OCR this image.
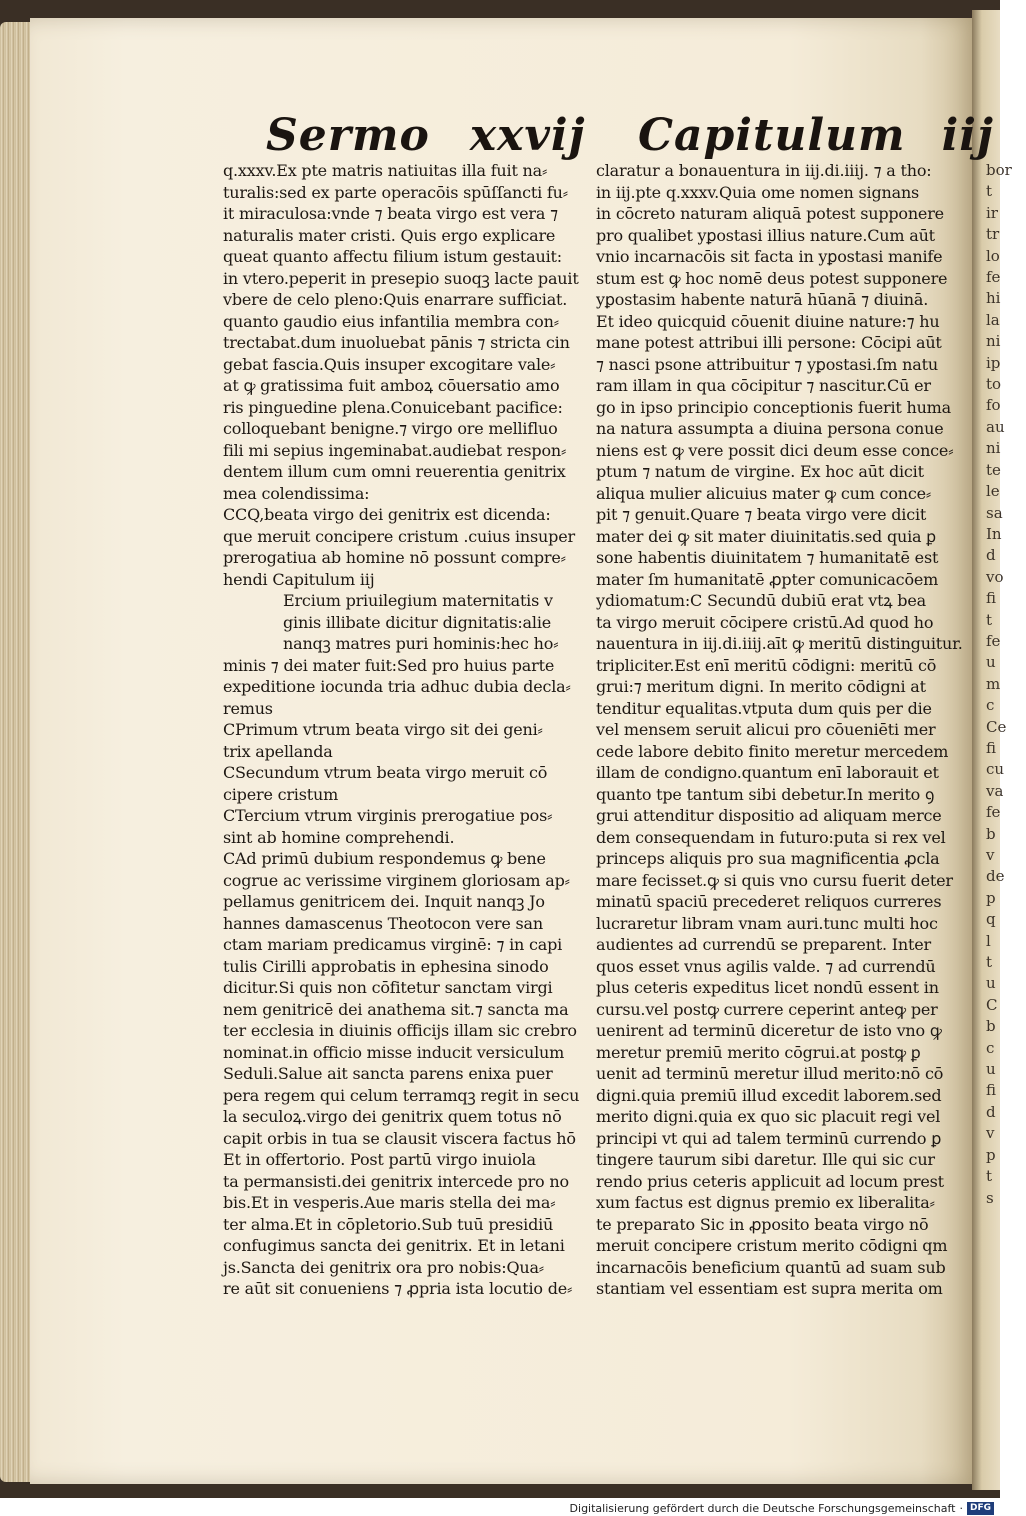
bor
t
ir
tr
lo
fe
hi
la
ni
ip
to
fo
au
ni
te
le
sa
In
d
vo
fi
t
fe
u
m
c
Ce
fi
cu
va
fe
b
v
de
p
q
l
t
u
C
b
c
u
fi
d
v
p
t
s
Sermo xxvij Capitulum iij
q.xxxv.Ex pte matris natiuitas illa fuit na⸗
turalis:sed ex parte operacōis spūſſancti fu⸗
it miraculosa:vnde ⁊ beata virgo est vera ⁊
naturalis mater cristi. Quis ergo explicare
queat quanto affectu filium istum gestauit:
in vtero.peperit in presepio suoqꝫ lacte pauit
vbere de celo pleno:Quis enarrare sufficiat.
quanto gaudio eius infantilia membra con⸗
trectabat.dum inuoluebat pānis ⁊ stricta cin
gebat fascia.Quis insuper excogitare vale⸗
at ꝙ gratissima fuit amboꝝ cōuersatio amo
ris pinguedine plena.Conuicebant pacifice:
colloquebant benigne.⁊ virgo ore mellifluo
fili mi sepius ingeminabat.audiebat respon⸗
dentem illum cum omni reuerentia genitrix
mea colendissima:
CCQ,beata virgo dei genitrix est dicenda:
que meruit concipere cristum .cuius insuper
prerogatiua ab homine nō possunt compre⸗
hendi Capitulum iij
Ercium priuilegium maternitatis v
ginis illibate dicitur dignitatis:alie
nanqꝫ matres puri hominis:hec ho⸗
minis ⁊ dei mater fuit:Sed pro huius parte
expeditione iocunda tria adhuc dubia decla⸗
remus
CPrimum vtrum beata virgo sit dei geni⸗
trix apellanda
CSecundum vtrum beata virgo meruit cō
cipere cristum
CTercium vtrum virginis prerogatiue pos⸗
sint ab homine comprehendi.
CAd primū dubium respondemus ꝙ bene
cogrue ac verissime virginem gloriosam ap⸗
pellamus genitricem dei. Inquit nanqꝫ Jo
hannes damascenus Theotocon vere san
ctam mariam predicamus virginē: ⁊ in capi
tulis Cirilli approbatis in ephesina sinodo
dicitur.Si quis non cōfitetur sanctam virgi
nem genitricē dei anathema sit.⁊ sancta ma
ter ecclesia in diuinis officijs illam sic crebro
nominat.in officio misse inducit versiculum
Seduli.Salue ait sancta parens enixa puer
pera regem qui celum terramqꝫ regit in secu
la seculoꝝ.virgo dei genitrix quem totus nō
capit orbis in tua se clausit viscera factus hō
Et in offertorio. Post partū virgo inuiola
ta permansisti.dei genitrix intercede pro no
bis.Et in vesperis.Aue maris stella dei ma⸗
ter alma.Et in cōpletorio.Sub tuū presidiū
confugimus sancta dei genitrix. Et in letani
js.Sancta dei genitrix ora pro nobis:Qua⸗
re aūt sit conueniens ⁊ ꝓpria ista locutio de⸗
claratur a bonauentura in iij.di.iiij. ⁊ a tho:
in iij.pte q.xxxv.Quia ome nomen signans
in cōcreto naturam aliquā potest supponere
pro qualibet yꝑostasi illius nature.Cum aūt
vnio incarnacōis sit facta in yꝑostasi manife
stum est ꝙ hoc nomē deus potest supponere
yꝑostasim habente naturā hūanā ⁊ diuinā.
Et ideo quicquid cōuenit diuine nature:⁊ hu
mane potest attribui illi persone: Cōcipi aūt
⁊ nasci psone attribuitur ⁊ yꝑostasi.ſm natu
ram illam in qua cōcipitur ⁊ nascitur.Cū er
go in ipso principio conceptionis fuerit huma
na natura assumpta a diuina persona conue
niens est ꝙ vere possit dici deum esse conce⸗
ptum ⁊ natum de virgine. Ex hoc aūt dicit
aliqua mulier alicuius mater ꝙ cum conce⸗
pit ⁊ genuit.Quare ⁊ beata virgo vere dicit
mater dei ꝙ sit mater diuinitatis.sed quia ꝑ
sone habentis diuinitatem ⁊ humanitatē est
mater ſm humanitatē ꝓpter comunicacōem
ydiomatum:C Secundū dubiū erat vtꝝ bea
ta virgo meruit cōcipere cristū.Ad quod ho
nauentura in iij.di.iiij.aīt ꝙ meritū distinguitur.
tripliciter.Est enī meritū cōdigni: meritū cō
grui:⁊ meritum digni. In merito cōdigni at
tenditur equalitas.vtputa dum quis per die
vel mensem seruit alicui pro cōueniēti mer
cede labore debito finito meretur mercedem
illam de condigno.quantum enī laborauit et
quanto tpe tantum sibi debetur.In merito ꝯ
grui attenditur dispositio ad aliquam merce
dem consequendam in futuro:puta si rex vel
princeps aliquis pro sua magnificentia ꝓcla
mare fecisset.ꝙ si quis vno cursu fuerit deter
minatū spaciū precederet reliquos curreres
lucraretur libram vnam auri.tunc multi hoc
audientes ad currendū se preparent. Inter
quos esset vnus agilis valde. ⁊ ad currendū
plus ceteris expeditus licet nondū essent in
cursu.vel postꝙ currere ceperint anteꝙ per
uenirent ad terminū diceretur de isto vno ꝙ
meretur premiū merito cōgrui.at postꝙ ꝑ
uenit ad terminū meretur illud merito:nō cō
digni.quia premiū illud excedit laborem.sed
merito digni.quia ex quo sic placuit regi vel
principi vt qui ad talem terminū currendo ꝑ
tingere taurum sibi daretur. Ille qui sic cur
rendo prius ceteris applicuit ad locum prest
xum factus est dignus premio ex liberalita⸗
te preparato Sic in ꝓposito beata virgo nō
meruit concipere cristum merito cōdigni qm
incarnacōis beneficium quantū ad suam sub
stantiam vel essentiam est supra merita om
Digitalisierung gefördert durch die Deutsche Forschungsgemeinschaft · DFG
